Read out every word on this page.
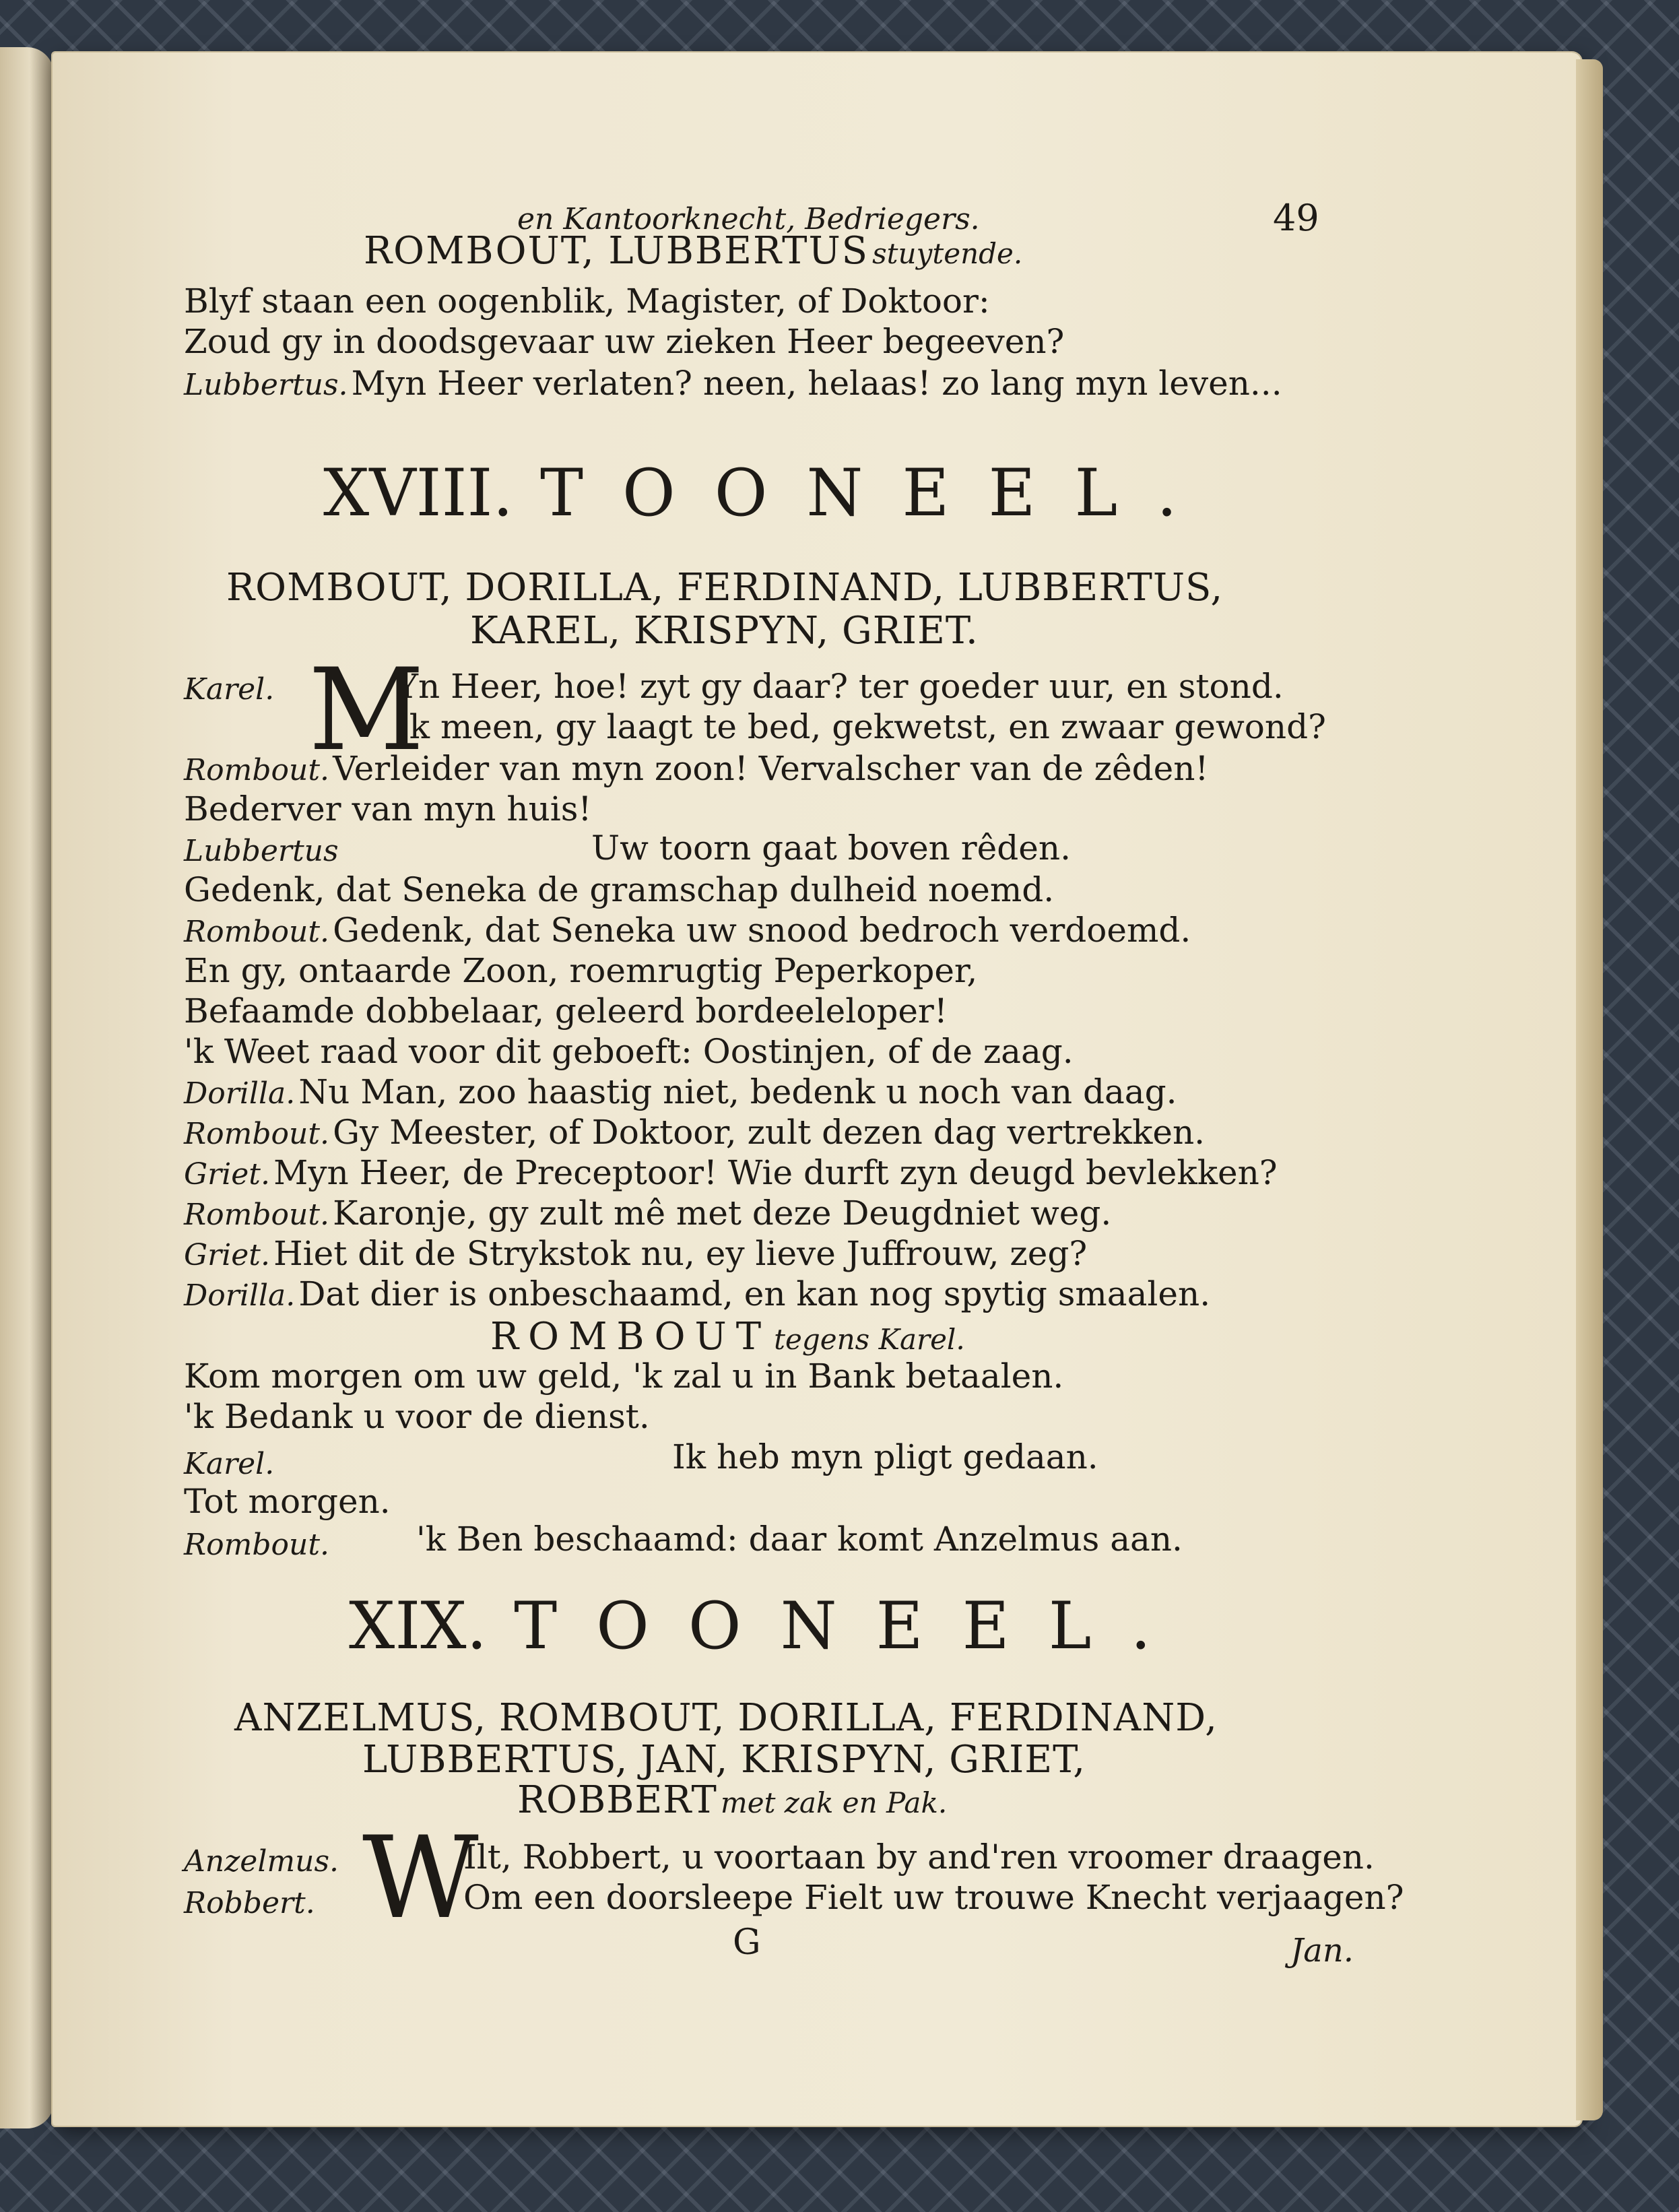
en Kantoorknecht, Bedriegers.	49
ROMBOUT, LUBBERTUS stuytende.
Blyf staan een oogenblik, Magister, of Doktoor:
Zoud gy in doodsgevaar uw zieken Heer begeeven?
Lubbertus. Myn Heer verlaten? neen, helaas! zo lang myn leven...
XVIII. TOONEEL.
ROMBOUT, DORILLA, FERDINAND, LUBBERTUS,
KAREL, KRISPYN, GRIET.
Karel. M
Yn Heer, hoe! zyt gy daar? ter goeder uur, en stond.
Ik meen, gy laagt te bed, gekwetst, en zwaar gewond?
Rombout. Verleider van myn zoon! Vervalscher van de zêden!
Bederver van myn huis!
Lubbertus	Uw toorn gaat boven rêden.
Gedenk, dat Seneka de gramschap dulheid noemd.
Rombout. Gedenk, dat Seneka uw snood bedroch verdoemd.
En gy, ontaarde Zoon, roemrugtig Peperkoper,
Befaamde dobbelaar, geleerd bordeeleloper!
'k Weet raad voor dit geboeft: Oostinjen, of de zaag.
Dorilla. Nu Man, zoo haastig niet, bedenk u noch van daag.
Rombout. Gy Meester, of Doktoor, zult dezen dag vertrekken.
Griet. Myn Heer, de Preceptoor! Wie durft zyn deugd bevlekken?
Rombout. Karonje, gy zult mê met deze Deugdniet weg.
Griet. Hiet dit de Strykstok nu, ey lieve Juffrouw, zeg?
Dorilla. Dat dier is onbeschaamd, en kan nog spytig smaalen.
ROMBOUT tegens Karel.
Kom morgen om uw geld, 'k zal u in Bank betaalen.
'k Bedank u voor de dienst.
Karel.	Ik heb myn pligt gedaan.
Tot morgen.
Rombout.	'k Ben beschaamd: daar komt Anzelmus aan.
XIX. TOONEEL.
ANZELMUS, ROMBOUT, DORILLA, FERDINAND,
LUBBERTUS, JAN, KRISPYN, GRIET,
ROBBERT met zak en Pak.
Anzelmus.
Robbert. W
Ilt, Robbert, u voortaan by and'ren vroomer draagen.
Om een doorsleepe Fielt uw trouwe Knecht verjaagen?
G	Jan.
